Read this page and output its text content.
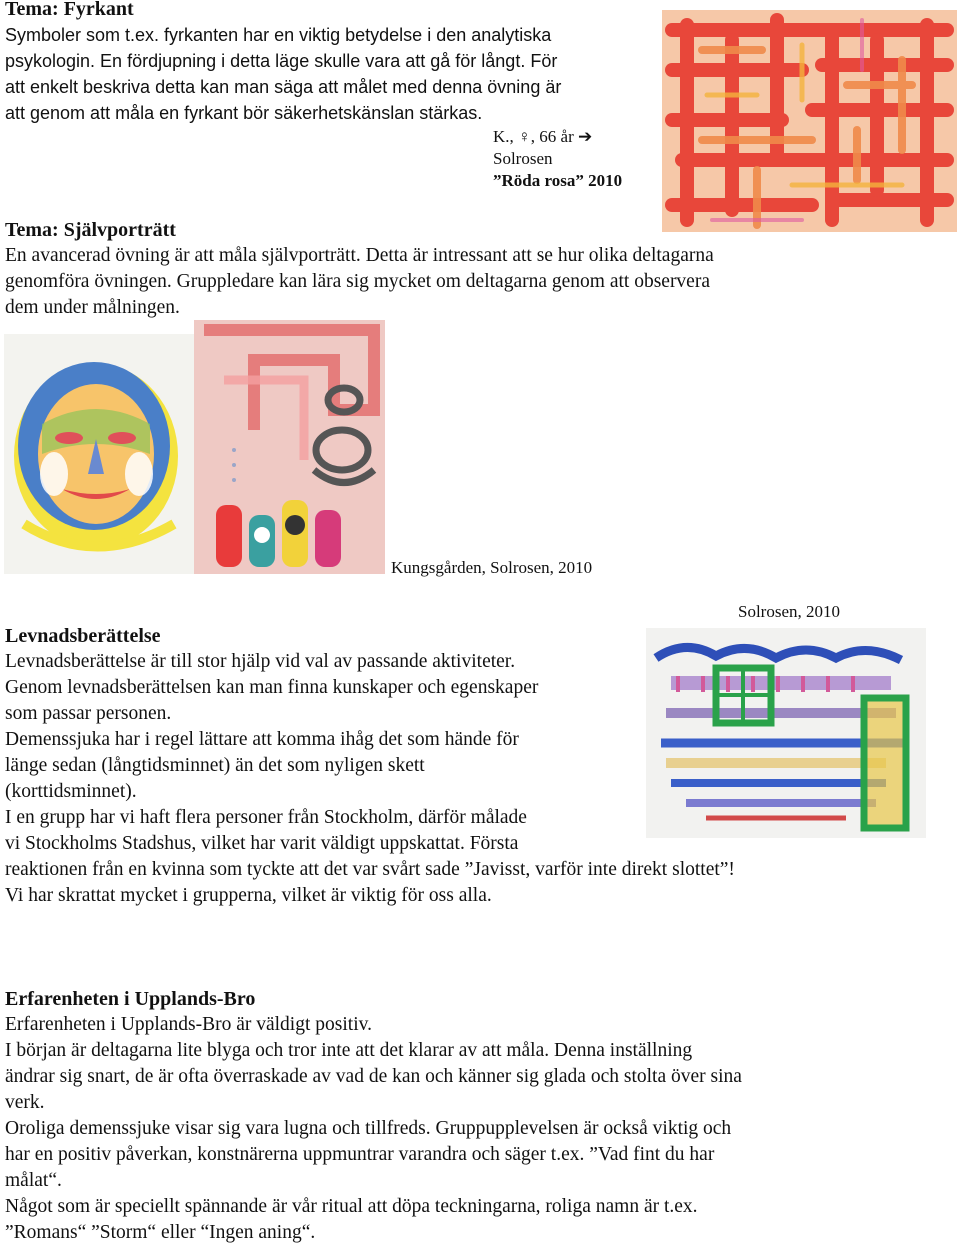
Tema: Fyrkant
Symboler som t.ex. fyrkanten har en viktig betydelse i den analytiska
psykologin. En fördjupning i detta läge skulle vara att gå för långt. För
att enkelt beskriva detta kan man säga att målet med denna övning är
att genom att måla en fyrkant bör säkerhetskänslan stärkas.
K., ♀, 66 år ➔
Solrosen
”Röda rosa” 2010
Tema: Självporträtt
En avancerad övning är att måla självporträtt. Detta är intressant att se hur olika deltagarna
genomföra övningen. Gruppledare kan lära sig mycket om deltagarna genom att observera
dem under målningen.
Kungsgården, Solrosen, 2010
Solrosen, 2010
Levnadsberättelse
Levnadsberättelse är till stor hjälp vid val av passande aktiviteter.
Genom levnadsberättelsen kan man finna kunskaper och egenskaper
som passar personen.
Demenssjuka har i regel lättare att komma ihåg det som hände för
länge sedan (långtidsminnet) än det som nyligen skett
(korttidsminnet).
I en grupp har vi haft flera personer från Stockholm, därför målade
vi Stockholms Stadshus, vilket har varit väldigt uppskattat. Första
reaktionen från en kvinna som tyckte att det var svårt sade ”Javisst, varför inte direkt slottet”!
Vi har skrattat mycket i grupperna, vilket är viktig för oss alla.
Erfarenheten i Upplands-Bro
Erfarenheten i Upplands-Bro är väldigt positiv.
I början är deltagarna lite blyga och tror inte att det klarar av att måla. Denna inställning
ändrar sig snart, de är ofta överraskade av vad de kan och känner sig glada och stolta över sina
verk.
Oroliga demenssjuke visar sig vara lugna och tillfreds. Gruppupplevelsen är också viktig och
har en positiv påverkan, konstnärerna uppmuntrar varandra och säger t.ex. ”Vad fint du har
målat“.
Något som är speciellt spännande är vår ritual att döpa teckningarna, roliga namn är t.ex.
”Romans“ ”Storm“ eller “Ingen aning“.
